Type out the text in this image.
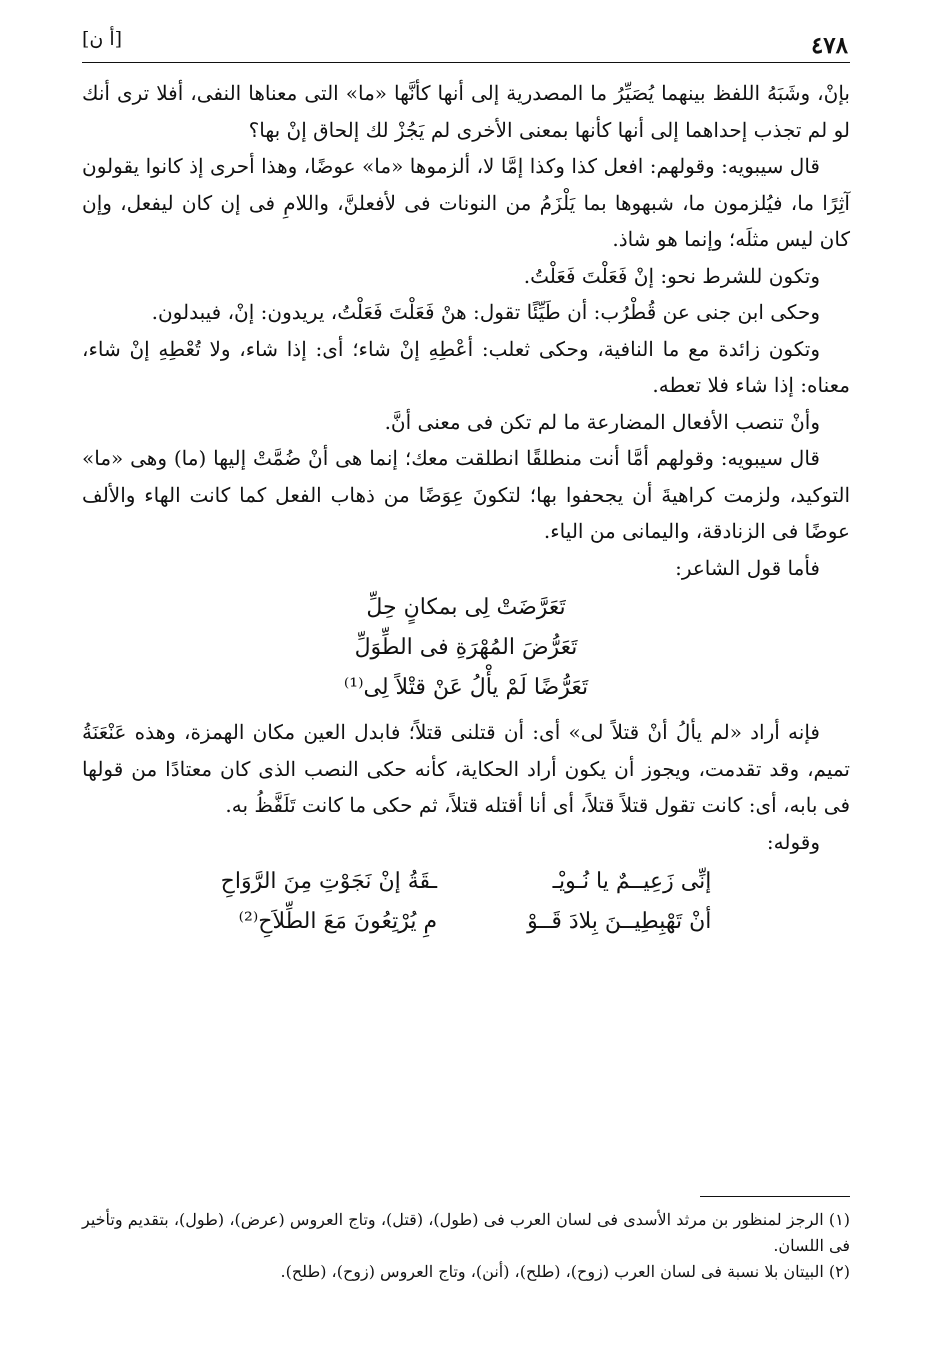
٤٧٨
[أ ن]

بإنْ، وشَبَهُ اللفظ بينهما يُصَيِّرُ ما المصدرية إلى أنها كأنَّها «ما» التى معناها النفى، أفلا ترى أنك لو لم تجذب إحداهما إلى أنها كأنها بمعنى الأخرى لم يَجُزْ لك إلحاق إنْ بها؟

قال سيبويه: وقولهم: افعل كذا وكذا إمَّا لا، ألزموها «ما» عوضًا، وهذا أحرى إذ كانوا يقولون آثِرًا ما، فيُلزمون ما، شبهوها بما يَلْزَمُ من النونات فى لأفعلنَّ، واللامِ فى إن كان ليفعل، وإن كان ليس مثلَه؛ وإنما هو شاذ.

وتكون للشرط نحو: إنْ فَعَلْتَ فَعَلْتُ.

وحكى ابن جنى عن قُطْرُب: أن طَيِّئًا تقول: هنْ فَعَلْتَ فَعَلْتُ، يريدون: إنْ، فيبدلون.

وتكون زائدة مع ما النافية، وحكى ثعلب: أعْطِهِ إنْ شاء؛ أى: إذا شاء، ولا تُعْطِهِ إنْ شاء، معناه: إذا شاء فلا تعطه.

وأنْ تنصب الأفعال المضارعة ما لم تكن فى معنى أنَّ.

قال سيبويه: وقولهم أمَّا أنت منطلقًا انطلقت معك؛ إنما هى أنْ ضُمَّتْ إليها (ما) وهى «ما» التوكيد، ولزمت كراهيةَ أن يجحفوا بها؛ لتكونَ عِوَضًا من ذهاب الفعل كما كانت الهاء والألف عوضًا فى الزنادقة، واليمانى من الياء.

فأما قول الشاعر:

تَعَرَّضَتْ لِى بمكانٍ حِلِّ
تَعَرُّضَ المُهْرَةِ فى الطِّوَلِّ
تَعَرُّضًا لَمْ يأْلُ عَنْ قتْلاً لِى⁽¹⁾

فإنه أراد «لم يألُ أنْ قتلاً لى» أى: أن قتلنى قتلاً؛ فابدل العين مكان الهمزة، وهذه عَنْعَنَةُ تميم، وقد تقدمت، ويجوز أن يكون أراد الحكاية، كأنه حكى النصب الذى كان معتادًا من قولها فى بابه، أى: كانت تقول قتلاً قتلاً، أى أنا أقتله قتلاً، ثم حكى ما كانت تَلَفَّظُ به.

وقوله:

إنِّى زَعِيــمٌ يا نُـويْـ
أنْ تَهْبِطِيــنَ بِلادَ قَــوْ
ـقَةُ إنْ نَجَوْتِ مِنَ الرَّوَاحِ
مِ يُرْتِعُونَ مَعَ الطِّلاَحِ⁽²⁾

(١) الرجز لمنظور بن مرثد الأسدى فى لسان العرب فى (طول)، (قتل)، وتاج العروس (عرض)، (طول)، بتقديم وتأخير فى اللسان.

(٢) البيتان بلا نسبة فى لسان العرب (زوح)، (طلح)، (أنن)، وتاج العروس (زوح)، (طلح).
